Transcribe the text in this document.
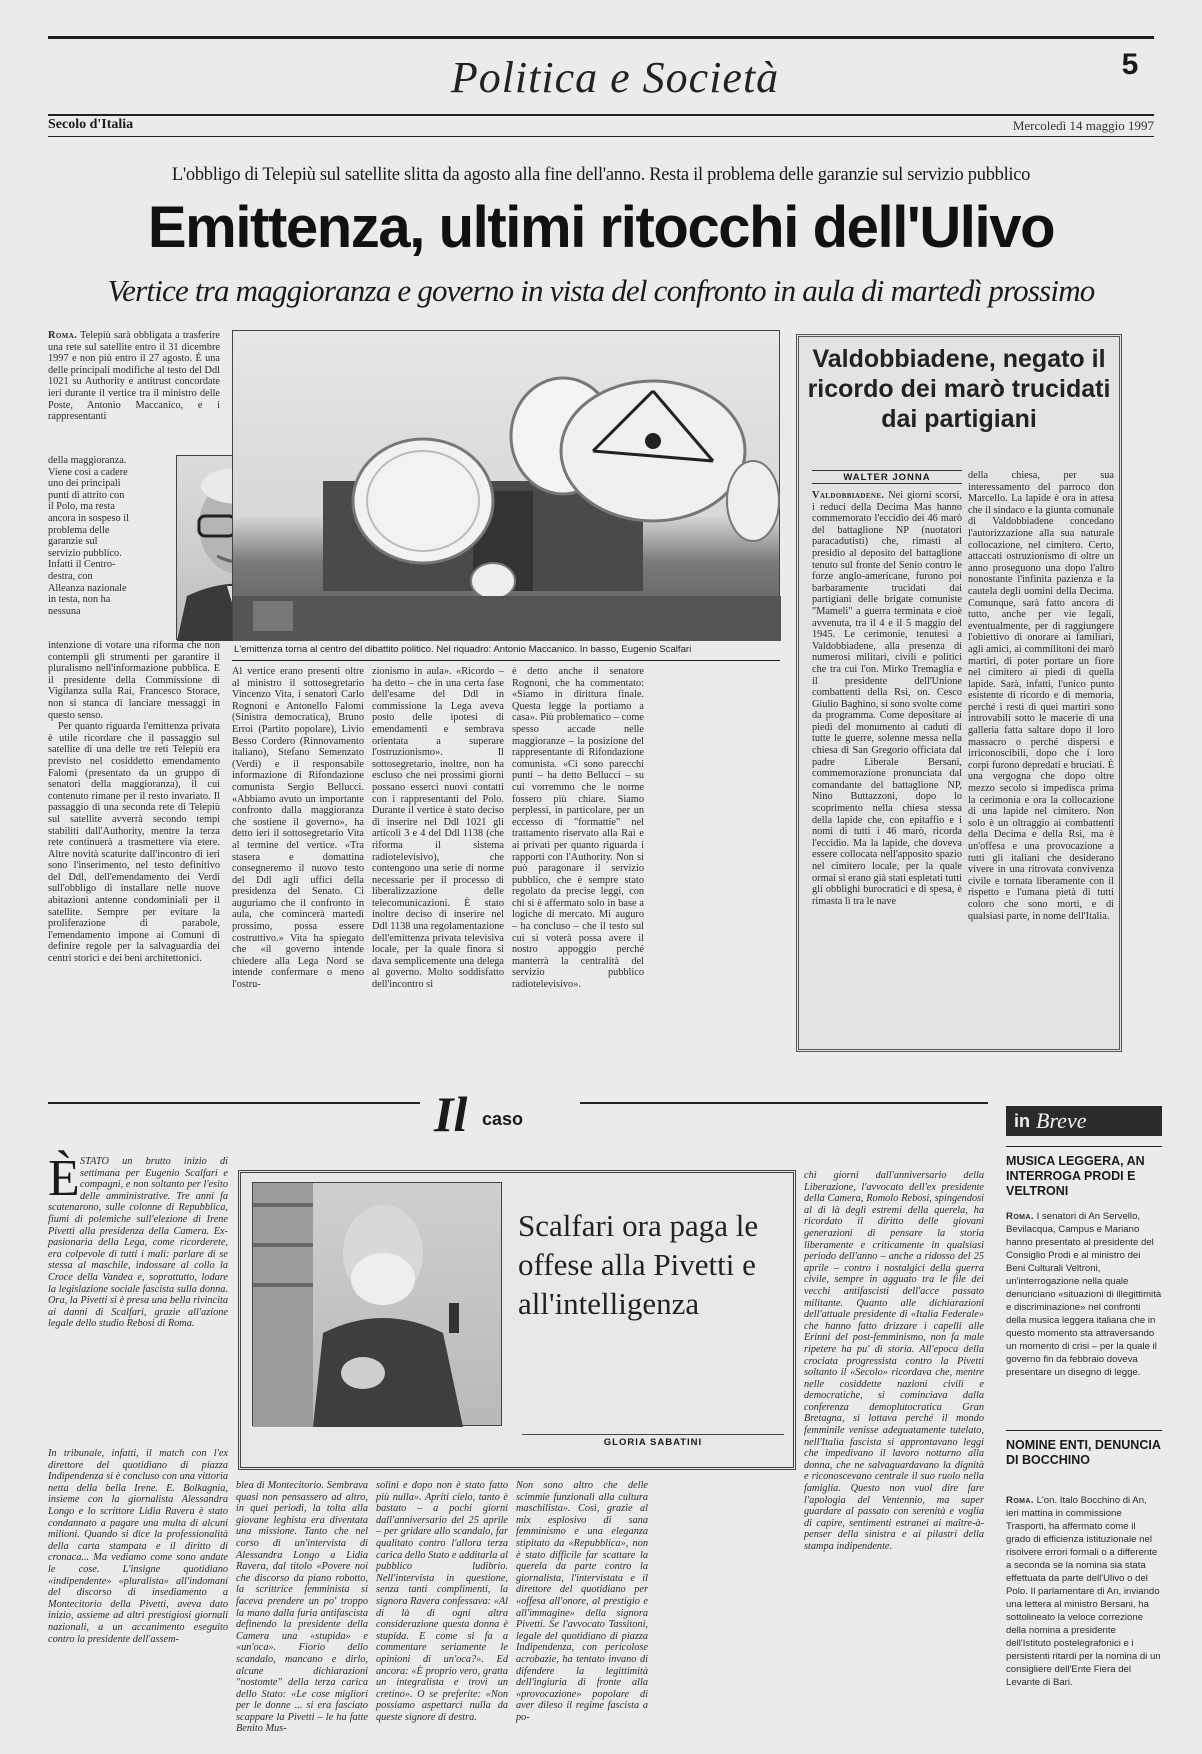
Politica e Società	5
Secolo d'Italia	Mercoledì 14 maggio 1997
L'obbligo di Telepiù sul satellite slitta da agosto alla fine dell'anno. Resta il problema delle garanzie sul servizio pubblico
Emittenza, ultimi ritocchi dell'Ulivo
Vertice tra maggioranza e governo in vista del confronto in aula di martedì prossimo

Roma. Telepiù sarà obbligata a trasferire una rete sul satellite entro il 31 dicembre 1997 e non più entro il 27 agosto. È una delle principali modifiche al testo del Ddl 1021 su Authority e antitrust concordate ieri durante il vertice tra il ministro delle Poste, Antonio Maccanico, e i rappresentanti

della maggioranza. Viene così a cadere uno dei principali punti di attrito con il Polo, ma resta ancora in sospeso il problema delle garanzie sul servizio pubblico. Infatti il Centro-destra, con Alleanza nazionale in testa, non ha nessuna

intenzione di votare una riforma che non contempli gli strumenti per garantire il pluralismo nell'informazione pubblica. E il presidente della Commissione di Vigilanza sulla Rai, Francesco Storace, non si stanca di lanciare messaggi in questo senso.

Per quanto riguarda l'emittenza privata è utile ricordare che il passaggio sul satellite di una delle tre reti Telepiù era previsto nel cosiddetto emendamento Falomi (presentato da un gruppo di senatori della maggioranza), il cui contenuto rimane per il resto invariato. Il passaggio di una seconda rete di Telepiù sul satellite avverrà secondo tempi stabiliti dall'Authority, mentre la terza rete continuerà a trasmettere via etere. Altre novità scaturite dall'incontro di ieri sono l'inserimento, nel testo definitivo del Ddl, dell'emendamento dei Verdi sull'obbligo di installare nelle nuove abitazioni antenne condominiali per il satellite. Sempre per evitare la proliferazione di parabole, l'emendamento impone ai Comuni di definire regole per la salvaguardia dei centri storici e dei beni architettonici.

L'emittenza torna al centro del dibattito politico. Nel riquadro: Antonio Maccanico. In basso, Eugenio Scalfari

Al vertice erano presenti oltre al ministro il sottosegretario Vincenzo Vita, i senatori Carlo Rognoni e Antonello Falomi (Sinistra democratica), Bruno Erroi (Partito popolare), Livio Besso Cordero (Rinnovamento italiano), Stefano Semenzato (Verdi) e il responsabile informazione di Rifondazione comunista Sergio Bellucci. «Abbiamo avuto un importante confronto dalla maggioranza che sostiene il governo», ha detto ieri il sottosegretario Vita al termine del vertice. «Tra stasera e domattina consegneremo il nuovo testo del Ddl agli uffici della presidenza del Senato. Ci auguriamo che il confronto in aula, che comincerà martedì prossimo, possa essere costruttivo.» Vita ha spiegato che «il governo intende chiedere alla Lega Nord se intende confermare o meno l'ostru-

zionismo in aula». «Ricordo – ha detto – che in una certa fase dell'esame del Ddl in commissione la Lega aveva posto delle ipotesi di emendamenti e sembrava orientata a superare l'ostruzionismo». Il sottosegretario, inoltre, non ha escluso che nei prossimi giorni possano esserci nuovi contatti con i rappresentanti del Polo. Durante il vertice è stato deciso di inserire nel Ddl 1021 gli articoli 3 e 4 del Ddl 1138 (che riforma il sistema radiotelevisivo), che contengono una serie di norme necessarie per il processo di liberalizzazione delle telecomunicazioni. È stato inoltre deciso di inserire nel Ddl 1138 una regolamentazione dell'emittenza privata televisiva locale, per la quale finora si dava semplicemente una delega al governo. Molto soddisfatto dell'incontro si

è detto anche il senatore Rognoni, che ha commentato: «Siamo in dirittura finale. Questa legge la portiamo a casa». Più problematico – come spesso accade nelle maggioranze – la posizione del rappresentante di Rifondazione comunista. «Ci sono parecchi punti – ha detto Bellucci – su cui vorremmo che le norme fossero più chiare. Siamo perplessi, in particolare, per un eccesso di "formattie" nel trattamento riservato alla Rai e ai privati per quanto riguarda i rapporti con l'Authority. Non si può paragonare il servizio pubblico, che è sempre stato regolato da precise leggi, con chi si è affermato solo in base a logiche di mercato. Mi auguro – ha concluso – che il testo sul cui si voterà possa avere il nostro appoggio perché manterrà la centralità del servizio pubblico radiotelevisivo».

Valdobbiadene, negato il ricordo dei marò trucidati dai partigiani
WALTER JONNA

Valdobbiadene. Nei giorni scorsi, i reduci della Decima Mas hanno commemorato l'eccidio dei 46 marò del battaglione NP (nuotatori paracadutisti) che, rimasti al presidio al deposito del battaglione tenuto sul fronte del Senio contro le forze anglo-americane, furono poi barbaramente trucidati dai partigiani delle brigate comuniste "Mameli" a guerra terminata e cioè avvenuta, tra il 4 e il 5 maggio del 1945. Le cerimonie, tenutesi a Valdobbiadene, alla presenza di numerosi militari, civili e politici che tra cui l'on. Mirko Tremaglia e il presidente dell'Unione combattenti della Rsi, on. Cesco Giulio Baghino, si sono svolte come da programma. Come depositare ai piedi del monumento ai caduti di tutte le guerre, solenne messa nella chiesa di San Gregorio officiata dal padre Liberale Bersani, commemorazione pronunciata dal comandante del battaglione NP, Nino Buttazzoni, dopo lo scoprimento nella chiesa stessa della lapide che, con epitaffio e i nomi di tutti i 46 marò, ricorda l'eccidio. Ma la lapide, che doveva essere collocata nell'apposito spazio nel cimitero locale, per la quale ormai si erano già stati espletati tutti gli obblighi burocratici e di spesa, è rimasta lì tra le nave

della chiesa, per sua interessamento del parroco don Marcello. La lapide è ora in attesa che il sindaco e la giunta comunale di Valdobbiadene concedano l'autorizzazione alla sua naturale collocazione, nel cimitero. Certo, attaccati ostruzionismo di oltre un anno proseguono una dopo l'altro nonostante l'infinita pazienza e la cautela degli uomini della Decima. Comunque, sarà fatto ancora di tutto, anche per vie legali, eventualmente, per di raggiungere l'obiettivo di onorare ai familiari, agli amici, ai commilitoni dei marò martiri, di poter portare un fiore nel cimitero ai piedi di quella lapide. Sarà, infatti, l'unico punto esistente di ricordo e di memoria, perché i resti di quei martiri sono introvabili sotto le macerie di una galleria fatta saltare dopo il loro massacro o perché dispersi e irriconoscibili, dopo che i loro corpi furono depredati e bruciati. È una vergogna che dopo oltre mezzo secolo si impedisca prima la cerimonia e ora la collocazione di una lapide nel cimitero. Non solo è un oltraggio ai combattenti della Decima e della Rsi, ma è un'offesa e una provocazione a tutti gli italiani che desiderano vivere in una ritrovata convivenza civile e tornata liberamente con il rispetto e l'umana pietà di tutti coloro che sono morti, e di qualsiasi parte, in nome dell'Italia.

Il caso
È STATO un brutto inizio di settimana per Eugenio Scalfari e compagni, e non soltanto per l'esito delle amministrative. Tre anni fa scatenarono, sulle colonne di Repubblica, fiumi di polemiche sull'elezione di Irene Pivetti alla presidenza della Camera. Ex-pasionaria della Lega, come ricorderete, era colpevole di tutti i mali: parlare di se stessa al maschile, indossare al collo la Croce della Vandea e, soprattutto, lodare la legislazione sociale fascista sulla donna. Ora, la Pivetti si è presa una bella rivincita ai danni di Scalfari, grazie all'azione legale dello studio Rebosi di Roma.

Scalfari ora paga le offese alla Pivetti e all'intelligenza
GLORIA SABATINI

In tribunale, infatti, il match con l'ex direttore del quotidiano di piazza Indipendenza si è concluso con una vittoria netta della bella Irene. E. Bolkagnia, insieme con la giornalista Alessandra Longo e lo scrittore Lidia Ravera è stato condannato a pagare una multa di alcuni milioni. Quando si dice la professionalità della carta stampata e il diritto di cronaca... Ma vediamo come sono andate le cose. L'insigne quotidiano «indipendente» «pluralista» all'indomani del discorso di insediamento a Montecitorio della Pivetti, aveva dato inizio, assieme ad altri prestigiosi giornali nazionali, a un accanimento eseguito contro la presidente dell'assem-

blea di Montecitorio. Sembrava quasi non pensassero ad altro, in quei periodi, la tolta alla giovane leghista era diventata una missione. Tanto che nel corso di un'intervista di Alessandra Longo a Lidia Ravera, dal titolo «Povere noi che discorso da piano robotto, la scrittrice femminista si faceva prendere un po' troppo la mano dalla furia antifascista definendo la presidente della Camera una «stupida» e «un'oca». Fiorio dello scandalo, mancano e dirlo, alcune dichiarazioni "nostomte" della terza carica dello Stato: «Le cose migliori per le donne ... si era fasciato scappare la Pivetti – le ha fatte Benito Mus-

solini e dopo non è stato fatto più nulla». Apriti cielo, tanto è bastato – a pochi giorni dall'anniversario del 25 aprile – per gridare allo scandalo, far qualitato contro l'allora terza carica dello Stato e additarla al pubblico ludibrio. Nell'intervista in questione, senza tanti complimenti, la signora Ravera confessava: «Al di là di ogni altra considerazione questa donna è stupida. E come si fa a commentare seriamente le opinioni di un'oca?». Ed ancora: «È proprio vero, gratta un integralista e trovi un cretino». O se preferite: «Non possiamo aspettarci nulla da queste signore di destra.

Non sono altro che delle scimmie funzionali alla cultura maschilista». Così, grazie al mix esplosivo di sana femminismo e una eleganza stipitato da «Repubblica», non è stato difficile far scattare la querela da parte contro la giornalista, l'intervistata e il direttore del quotidiano per «offesa all'onore, al prestigio e all'immagine» della signora Pivetti. Se l'avvocato Tassitoni, legale del quotidiano di piazza Indipendenza, con pericolose acrobazie, ha tentato invano di difendere la legittimità dell'ingiuria di fronte alla «provocazione» popolare di aver dileso il regime fascista a po-

chi giorni dall'anniversario della Liberazione, l'avvocato dell'ex presidente della Camera, Romolo Rebosi, spingendosi al di là degli estremi della querela, ha ricordato il diritto delle giovani generazioni di pensare la storia liberamente e criticamente in qualsiasi periodo dell'anno – anche a ridosso del 25 aprile – contro i nostalgici della guerra civile, sempre in agguato tra le file dei vecchi antifascisti dell'acce passato militante. Quanto alle dichiarazioni dell'attuale presidente di «Italia Federale» che hanno fatto drizzare i capelli alle Erinni del post-femminismo, non fa male ripetere ha pu' di storia. All'epoca della crociata progressista contro la Pivetti soltanto il «Secolo» ricordava che, mentre nelle cosiddette nazioni civili e democratiche, si cominciava dalla conferenza demoplutocratica Gran Bretagna, si lottava perché il mondo femminile venisse adeguatamente tutelato, nell'Italia fascista si approntavano leggi che impedivano il lavoro notturno alla donna, che ne salvaguardavano la dignità e riconoscevano centrale il suo ruolo nella famiglia. Questo non vuol dire fare l'apologia del Ventennio, ma saper guardare al passato con serenità e voglia di capire, sentimenti estranei ai maître-à-penser della sinistra e ai pilastri della stampa indipendente.

in Breve
MUSICA LEGGERA, AN INTERROGA PRODI E VELTRONI

Roma. I senatori di An Servello, Bevilacqua, Campus e Mariano hanno presentato al presidente del Consiglio Prodi e al ministro dei Beni Culturali Veltroni, un'interrogazione nella quale denunciano «situazioni di illegittimità e discriminazione» nel confronti della musica leggera italiana che in questo momento sta attraversando un momento di crisi – per la quale il governo fin da febbraio doveva presentare un disegno di legge.

NOMINE ENTI, DENUNCIA DI BOCCHINO

Roma. L'on. Italo Bocchino di An, ieri mattina in commissione Trasporti, ha affermato come il grado di efficienza istituzionale nel risolvere errori formali o a differente a seconda se la nomina sia stata effettuata da parte dell'Ulivo o del Polo. Il parlamentare di An, inviando una lettera al ministro Bersani, ha sottolineato la veloce correzione della nomina a presidente dell'Istituto postelegrafonici e i persistenti ritardi per la nomina di un consigliere dell'Ente Fiera del Levante di Bari.
